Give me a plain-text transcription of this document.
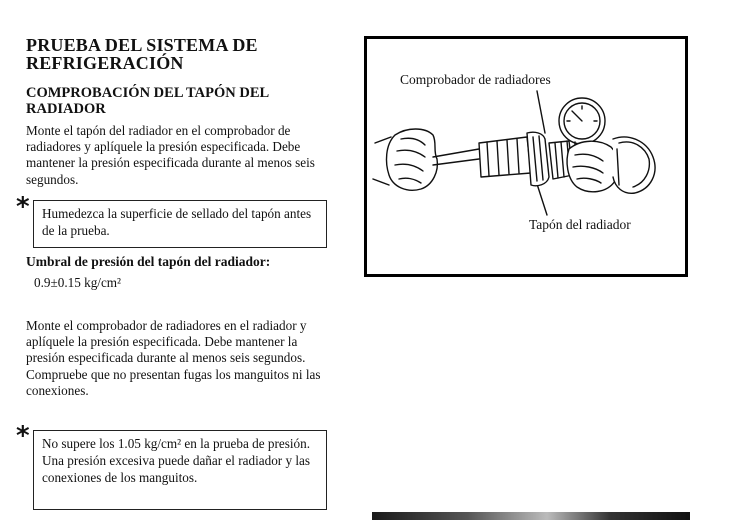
PRUEBA DEL SISTEMA DE REFRIGERACIÓN
COMPROBACIÓN DEL TAPÓN DEL RADIADOR
Monte el tapón del radiador en el comprobador de radiadores y aplíquele la presión especificada. Debe mantener la presión especificada durante al menos seis segundos.
* Humedezca la superficie de sellado del tapón antes de la prueba.
Umbral de presión del tapón del radiador:
0.9±0.15 kg/cm²
Monte el comprobador de radiadores en el radiador y aplíquele la presión especificada. Debe mantener la presión especificada durante al menos seis segundos. Compruebe que no presentan fugas los manguitos ni las conexiones.
* No supere los 1.05 kg/cm² en la prueba de presión. Una presión excesiva puede dañar el radiador y las conexiones de los manguitos.
Comprobador de radiadores
Tapón del radiador
